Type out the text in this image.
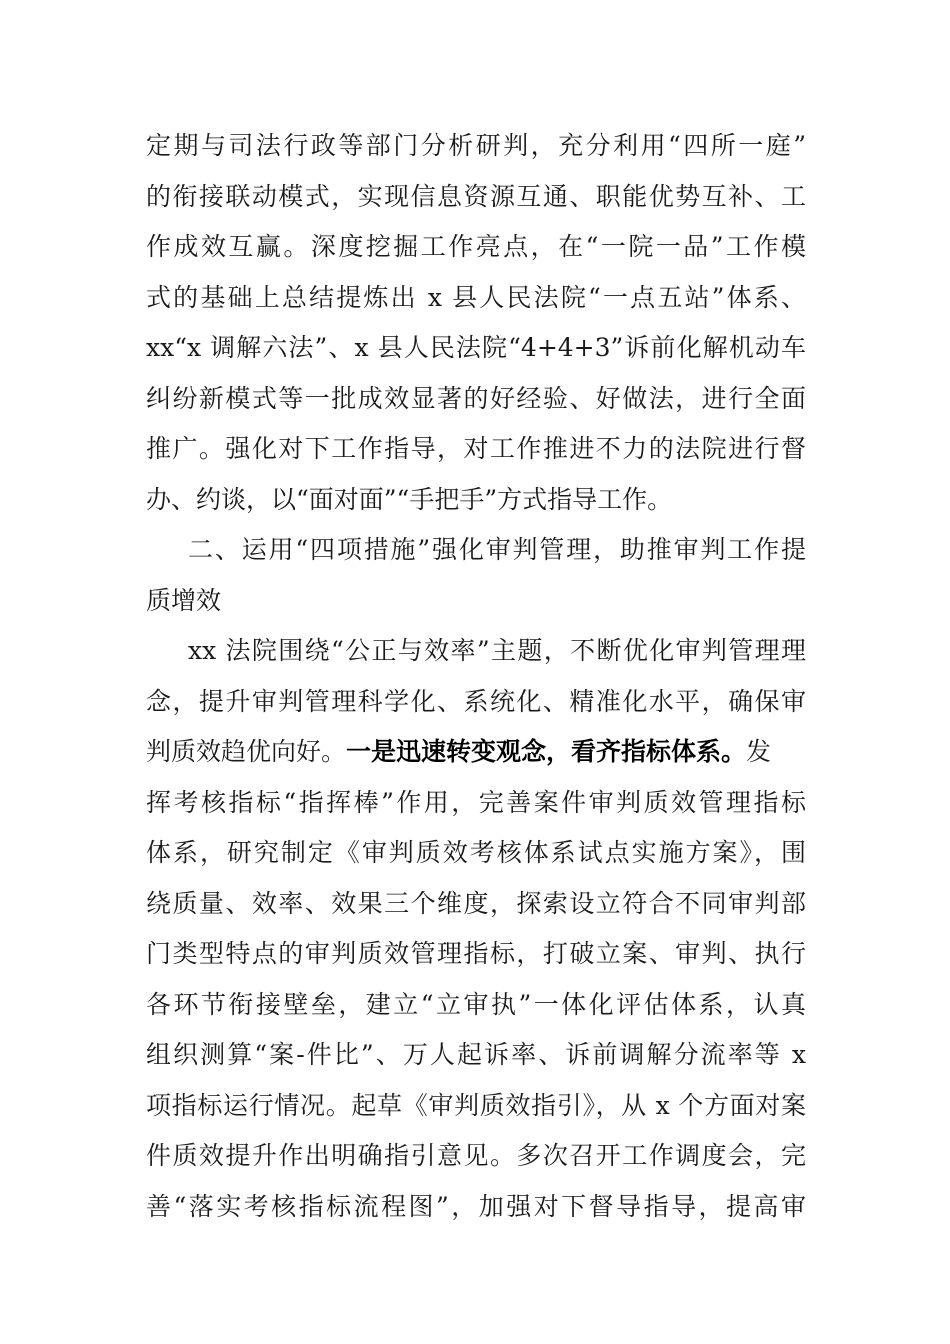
定期与司法行政等部门分析研判，充分利用“四所一庭”
的衔接联动模式，实现信息资源互通、职能优势互补、工
作成效互赢。深度挖掘工作亮点，在“一院一品”工作模
式的基础上总结提炼出 x 县人民法院“一点五站”体系、
xx“x 调解六法”、x 县人民法院“4+4+3”诉前化解机动车
纠纷新模式等一批成效显著的好经验、好做法，进行全面
推广。强化对下工作指导，对工作推进不力的法院进行督
办、约谈，以“面对面”“手把手”方式指导工作。
二、运用“四项措施”强化审判管理，助推审判工作提
质增效
xx 法院围绕“公正与效率”主题，不断优化审判管理理
念，提升审判管理科学化、系统化、精准化水平，确保审
判质效趋优向好。一是迅速转变观念，看齐指标体系。发
挥考核指标“指挥棒”作用，完善案件审判质效管理指标
体系，研究制定《审判质效考核体系试点实施方案》，围
绕质量、效率、效果三个维度，探索设立符合不同审判部
门类型特点的审判质效管理指标，打破立案、审判、执行
各环节衔接壁垒，建立“立审执”一体化评估体系，认真
组织测算“案-件比”、万人起诉率、诉前调解分流率等 x
项指标运行情况。起草《审判质效指引》，从 x 个方面对案
件质效提升作出明确指引意见。多次召开工作调度会，完
善“落实考核指标流程图”，加强对下督导指导，提高审
